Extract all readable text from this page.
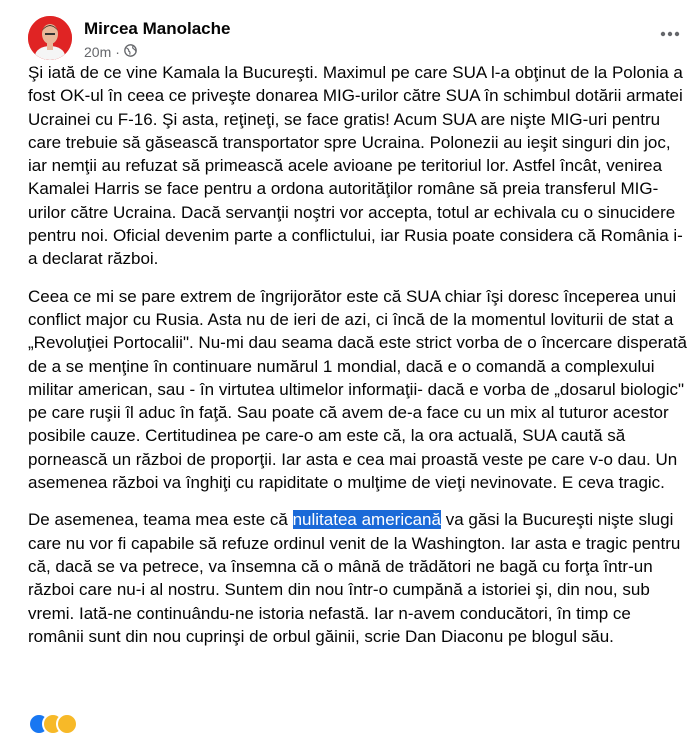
Mircea Manolache
20m ·

Şi iată de ce vine Kamala la Bucureşti. Maximul pe care SUA l-a obţinut de la Polonia a fost OK-ul în ceea ce priveşte donarea MIG-urilor către SUA în schimbul dotării armatei Ucrainei cu F-16. Şi asta, reţineţi, se face gratis! Acum SUA are nişte MIG-uri pentru care trebuie să găsească transportator spre Ucraina. Polonezii au ieşit singuri din joc, iar nemţii au refuzat să primească acele avioane pe teritoriul lor. Astfel încât, venirea Kamalei Harris se face pentru a ordona autorităţilor române să preia transferul MIG-urilor către Ucraina. Dacă servanţii noştri vor accepta, totul ar echivala cu o sinucidere pentru noi. Oficial devenim parte a conflictului, iar Rusia poate considera că România i-a declarat război.

Ceea ce mi se pare extrem de îngrijorător este că SUA chiar îşi doresc începerea unui conflict major cu Rusia. Asta nu de ieri de azi, ci încă de la momentul loviturii de stat a „Revoluţiei Portocalii". Nu-mi dau seama dacă este strict vorba de o încercare disperată de a se menţine în continuare numărul 1 mondial, dacă e o comandă a complexului militar american, sau - în virtutea ultimelor informaţii- dacă e vorba de „dosarul biologic" pe care ruşii îl aduc în faţă. Sau poate că avem de-a face cu un mix al tuturor acestor posibile cauze. Certitudinea pe care-o am este că, la ora actuală, SUA caută să pornească un război de proporţii. Iar asta e cea mai proastă veste pe care v-o dau. Un asemenea război va înghiţi cu rapiditate o mulţime de vieţi nevinovate. E ceva tragic.

De asemenea, teama mea este că nulitatea americană va găsi la Bucureşti nişte slugi care nu vor fi capabile să refuze ordinul venit de la Washington. Iar asta e tragic pentru că, dacă se va petrece, va însemna că o mână de trădători ne bagă cu forţa într-un război care nu-i al nostru. Suntem din nou într-o cumpănă a istoriei şi, din nou, sub vremi. Iată-ne continuându-ne istoria nefastă. Iar n-avem conducători, în timp ce românii sunt din nou cuprinşi de orbul găinii, scrie Dan Diaconu pe blogul său.
